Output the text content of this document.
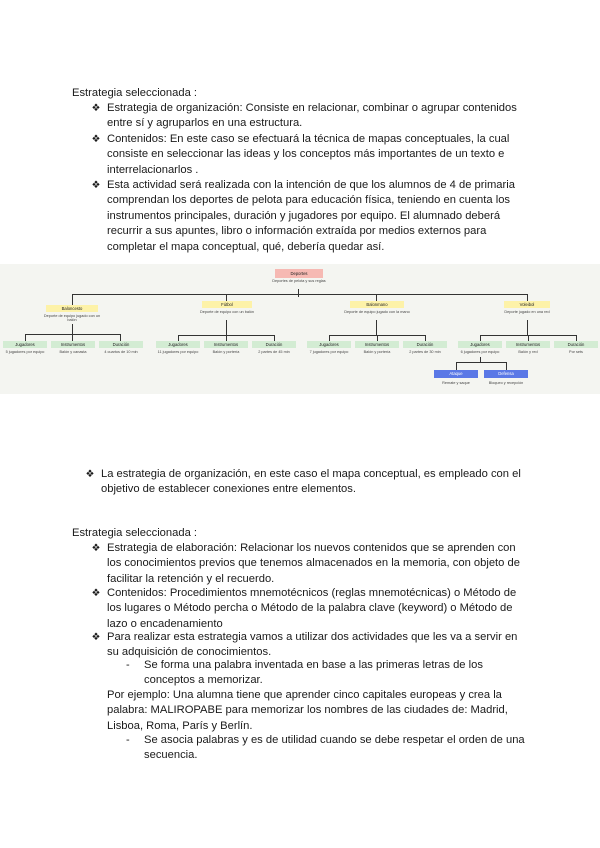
Estrategia seleccionada :
❖ Estrategia de organización: Consiste en relacionar, combinar o agrupar contenidos
entre sí y agruparlos en una estructura.
❖ Contenidos: En este caso se efectuará la técnica de mapas conceptuales, la cual
consiste en seleccionar las ideas y los conceptos más importantes de un texto e
interrelacionarlos .
❖ Esta actividad será realizada con la intención de que los alumnos de 4 de primaria
comprendan los deportes de pelota para educación física, teniendo en cuenta los
instrumentos principales, duración y jugadores por equipo. El alumnado deberá
recurrir a sus apuntes, libro o información extraída por medios externos para
completar el mapa conceptual, qué, debería quedar así.
Deportes
Deportes de pelota y sus reglas
Baloncesto
Deporte de equipo jugado con un balón
Jugadores	Instrumentos	Duración
5 jugadores por equipo	Balón y canasta	4 cuartos de 10 min
Fútbol
Deporte de equipo con un balón
Jugadores	Instrumentos	Duración
11 jugadores por equipo	Balón y portería	2 partes de 45 min
Balonmano
Deporte de equipo jugado con la mano
Jugadores	Instrumentos	Duración
7 jugadores por equipo	Balón y portería	2 partes de 30 min
Voleibol
Deporte jugado en una red
Jugadores	Instrumentos	Duración
6 jugadores por equipo	Balón y red	Por sets
Ataque	Defensa
Remate y saque	Bloqueo y recepción
❖ La estrategia de organización, en este caso el mapa conceptual, es empleado con el
objetivo de establecer conexiones entre elementos.
Estrategia seleccionada :
❖ Estrategia de elaboración: Relacionar los nuevos contenidos que se aprenden con
los conocimientos previos que tenemos almacenados en la memoria, con objeto de
facilitar la retención y el recuerdo.
❖ Contenidos: Procedimientos mnemotécnicos (reglas mnemotécnicas) o Método de
los lugares o Método percha o Método de la palabra clave (keyword) o Método de
lazo o encadenamiento
❖ Para realizar esta estrategia vamos a utilizar dos actividades que les va a servir en
su adquisición de conocimientos.
- Se forma una palabra inventada en base a las primeras letras de los
conceptos a memorizar.
Por ejemplo: Una alumna tiene que aprender cinco capitales europeas y crea la
palabra: MALIROPABE para memorizar los nombres de las ciudades de: Madrid,
Lisboa, Roma, París y Berlín.
- Se asocia palabras y es de utilidad cuando se debe respetar el orden de una
secuencia.
